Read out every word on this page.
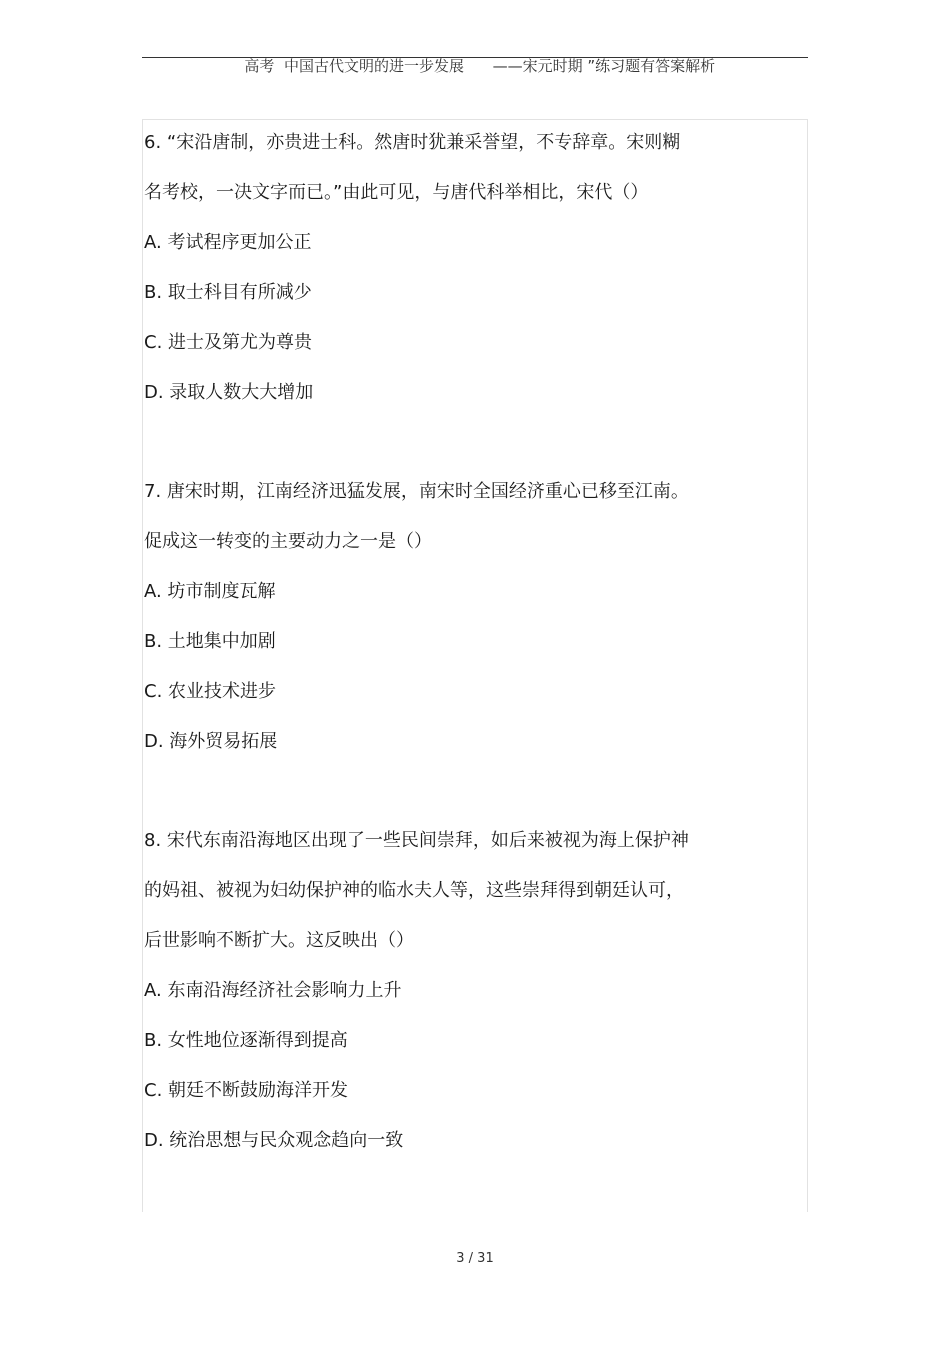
高考  中国古代文明的进一步发展      ——宋元时期 ”练习题有答案解析

6. “宋沿唐制，亦贵进士科。然唐时犹兼采誉望，不专辞章。宋则糊
名考校，一决文字而已。”由此可见，与唐代科举相比，宋代（）
A. 考试程序更加公正
B. 取士科目有所减少
C. 进士及第尤为尊贵
D. 录取人数大大增加
7. 唐宋时期，江南经济迅猛发展，南宋时全国经济重心已移至江南。
促成这一转变的主要动力之一是（）
A. 坊市制度瓦解
B. 土地集中加剧
C. 农业技术进步
D. 海外贸易拓展
8. 宋代东南沿海地区出现了一些民间崇拜，如后来被视为海上保护神
的妈祖、被视为妇幼保护神的临水夫人等，这些崇拜得到朝廷认可，
后世影响不断扩大。这反映出（）
A. 东南沿海经济社会影响力上升
B. 女性地位逐渐得到提高
C. 朝廷不断鼓励海洋开发
D. 统治思想与民众观念趋向一致
3 / 31
